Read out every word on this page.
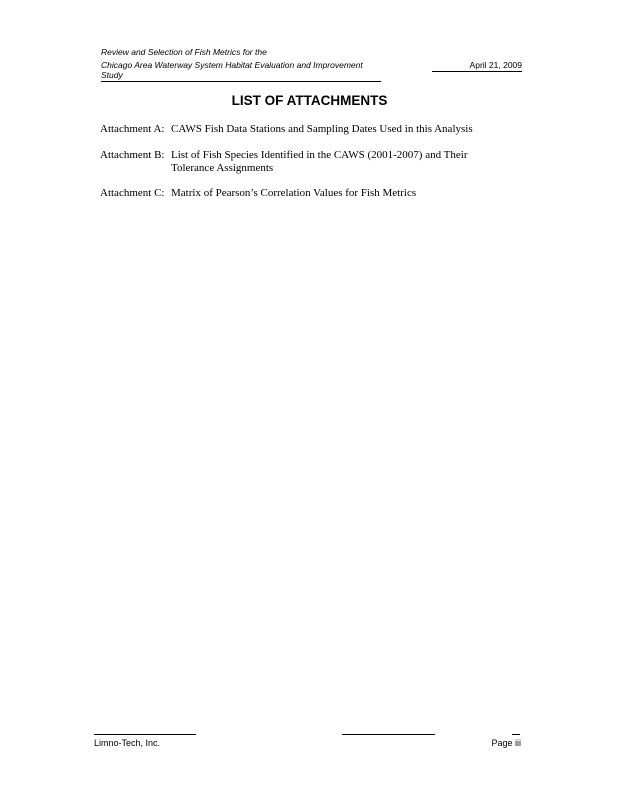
Review and Selection of Fish Metrics for the
Chicago Area Waterway System Habitat Evaluation and Improvement Study
April 21, 2009
LIST OF ATTACHMENTS
Attachment A: CAWS Fish Data Stations and Sampling Dates Used in this Analysis
Attachment B: List of Fish Species Identified in the CAWS (2001-2007) and Their
Tolerance Assignments
Attachment C: Matrix of Pearson’s Correlation Values for Fish Metrics
Limno-Tech, Inc.	Page iii
